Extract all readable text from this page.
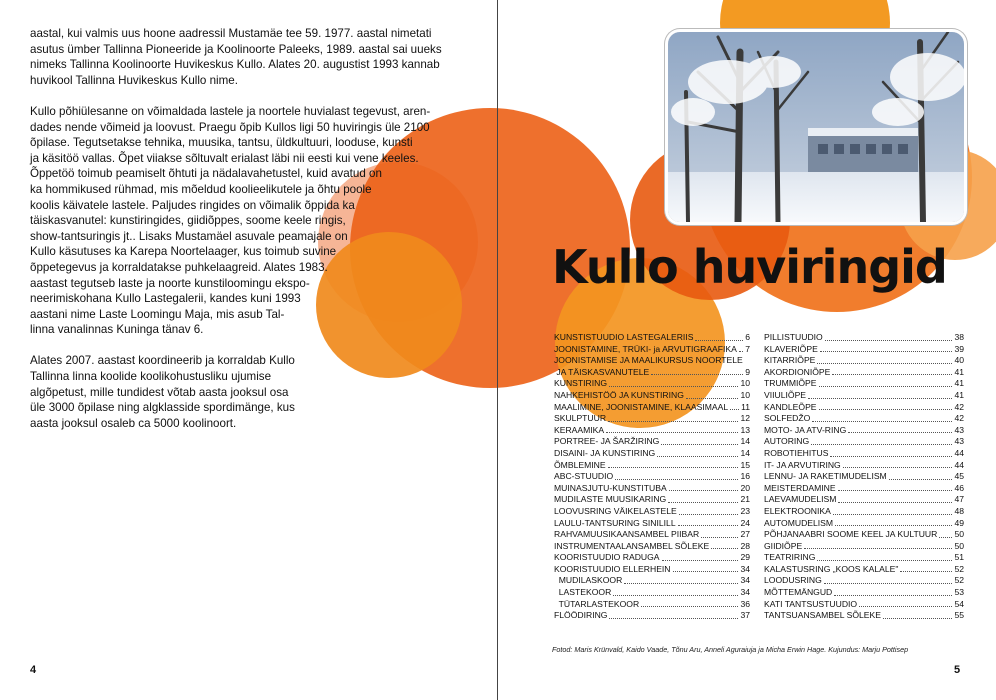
aastal, kui valmis uus hoone aadressil Mustamäe tee 59. 1977. aastal nimetati
asutus ümber Tallinna Pioneeride ja Koolinoorte Paleeks, 1989. aastal sai uueks
nimeks Tallinna Koolinoorte Huvikeskus Kullo. Alates 20. augustist 1993 kannab
huvikool Tallinna Huvikeskus Kullo nime.

Kullo põhiülesanne on võimaldada lastele ja noortele huvialast tegevust, aren-
dades nende võimeid ja loovust. Praegu õpib Kullos ligi 50 huviringis üle 2100
õpilase. Tegutsetakse tehnika, muusika, tantsu, üldkultuuri, looduse, kunsti
ja käsitöö vallas. Õpet viiakse sõltuvalt erialast läbi nii eesti kui vene keeles.
Õppetöö toimub peamiselt õhtuti ja nädalavahetustel, kuid avatud on
ka hommikused rühmad, mis mõeldud koolieelikutele ja õhtu poole
koolis käivatele lastele. Paljudes ringides on võimalik õppida ka
täiskasvanutel: kunstiringides, giidiõppes, soome keele ringis,
show-tantsuringis jt.. Lisaks Mustamäel asuvale peamajale on
Kullo käsutuses ka Karepa Noortelaager, kus toimub suvine
õppetegevus ja korraldatakse puhkelaagreid. Alates 1983.
aastast tegutseb laste ja noorte kunstiloomingu ekspo-
neerimiskohana Kullo Lastegalerii, kandes kuni 1993
aastani nime Laste Loomingu Maja, mis asub Tal-
linna vanalinnas Kuninga tänav 6.

Alates 2007. aastast koordineerib ja korraldab Kullo
Tallinna linna koolide koolikohustusliku ujumise
algõpetust, mille tundidest võtab aasta jooksul osa
üle 3000 õpilase ning algklasside spordimänge, kus
aasta jooksul osaleb ca 5000 koolinoort.

4
Kullo huviringid
KUNSTISTUUDIO LASTEGALERIIS	6
JOONISTAMINE, TRÜKI- ja ARVUTIGRAAFIKA 7
JOONISTAMISE JA MAALIKURSUS NOORTELE
JA TÄISKASVANUTELE	9
KUNSTIRING	10
NAHKEHISTÖÖ JA KUNSTIRING	10
MAALIMINE, JOONISTAMINE, KLAASIMAAL 11
SKULPTUUR	12
KERAAMIKA	13
PORTREE- JA ŠARŽIRING	14
DISAINI- JA KUNSTIRING	14
ÕMBLEMINE	15
ABC-STUUDIO	16
MUINASJUTU-KUNSTITUBA	20
MUDILASTE MUUSIKARING	21
LOOVUSRING VÄIKELASTELE	23
LAULU-TANTSURING SINILILL	24
RAHVAMUUSIKAANSAMBEL PIIBAR	27
INSTRUMENTAALANSAMBEL SÕLEKE	28
KOORISTUUDIO RADUGA	29
KOORISTUUDIO ELLERHEIN	34
MUDILASKOOR	34
LASTEKOOR	34
TÜTARLASTEKOOR	36
FLÖÖDIRING	37
PILLISTUUDIO	38
KLAVERIÕPE	39
KITARRIÕPE	40
AKORDIONIÕPE	41
TRUMMIÕPE	41
VIIULIÕPE	41
KANDLEÕPE	42
SOLFEDŽO	42
MOTO- JA ATV-RING	43
AUTORING	43
ROBOTIEHITUS	44
IT- JA ARVUTIRING	44
LENNU- JA RAKETIMUDELISM	45
MEISTERDAMINE	46
LAEVAMUDELISM	47
ELEKTROONIKA	48
AUTOMUDELISM	49
PÕHJANAABRI SOOME KEEL JA KULTUUR 50
GIIDIÕPE	50
TEATRIRING	51
KALASTUSRING „KOOS KALALE"	52
LOODUSRING	52
MÕTTEMÄNGUD	53
KATI TANTSUSTUUDIO	54
TANTSUANSAMBEL SÕLEKE	55
Fotod: Maris Krünvald, Kaido Vaade, Tõnu Aru, Anneli Aguraiuja ja Micha Erwin Hage. Kujundus: Marju Pottisep
5
